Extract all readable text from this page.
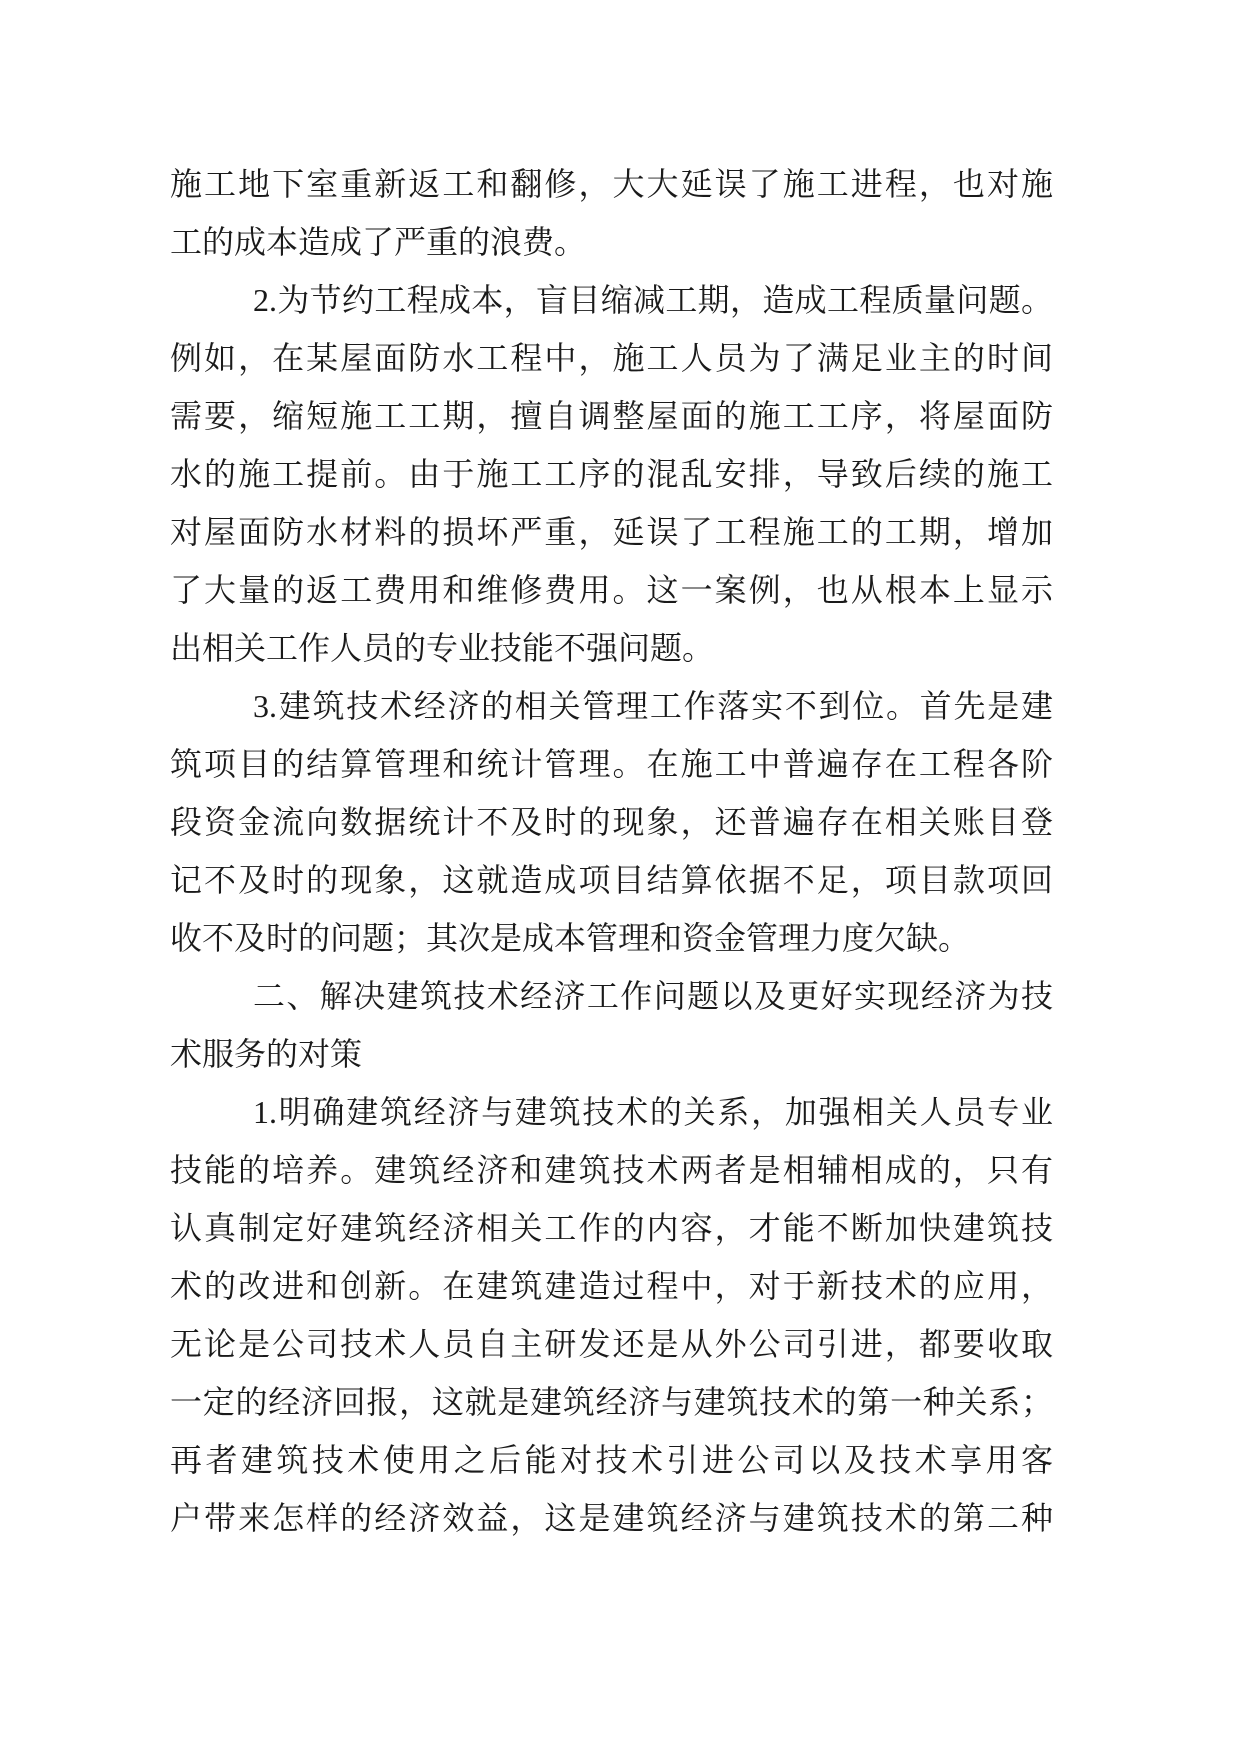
施工地下室重新返工和翻修，大大延误了施工进程，也对施
工的成本造成了严重的浪费。
2.为节约工程成本，盲目缩减工期，造成工程质量问题。
例如，在某屋面防水工程中，施工人员为了满足业主的时间
需要，缩短施工工期，擅自调整屋面的施工工序，将屋面防
水的施工提前。由于施工工序的混乱安排，导致后续的施工
对屋面防水材料的损坏严重，延误了工程施工的工期，增加
了大量的返工费用和维修费用。这一案例，也从根本上显示
出相关工作人员的专业技能不强问题。
3.建筑技术经济的相关管理工作落实不到位。首先是建
筑项目的结算管理和统计管理。在施工中普遍存在工程各阶
段资金流向数据统计不及时的现象，还普遍存在相关账目登
记不及时的现象，这就造成项目结算依据不足，项目款项回
收不及时的问题；其次是成本管理和资金管理力度欠缺。
二、解决建筑技术经济工作问题以及更好实现经济为技
术服务的对策
1.明确建筑经济与建筑技术的关系，加强相关人员专业
技能的培养。建筑经济和建筑技术两者是相辅相成的，只有
认真制定好建筑经济相关工作的内容，才能不断加快建筑技
术的改进和创新。在建筑建造过程中，对于新技术的应用，
无论是公司技术人员自主研发还是从外公司引进，都要收取
一定的经济回报，这就是建筑经济与建筑技术的第一种关系；
再者建筑技术使用之后能对技术引进公司以及技术享用客
户带来怎样的经济效益，这是建筑经济与建筑技术的第二种
